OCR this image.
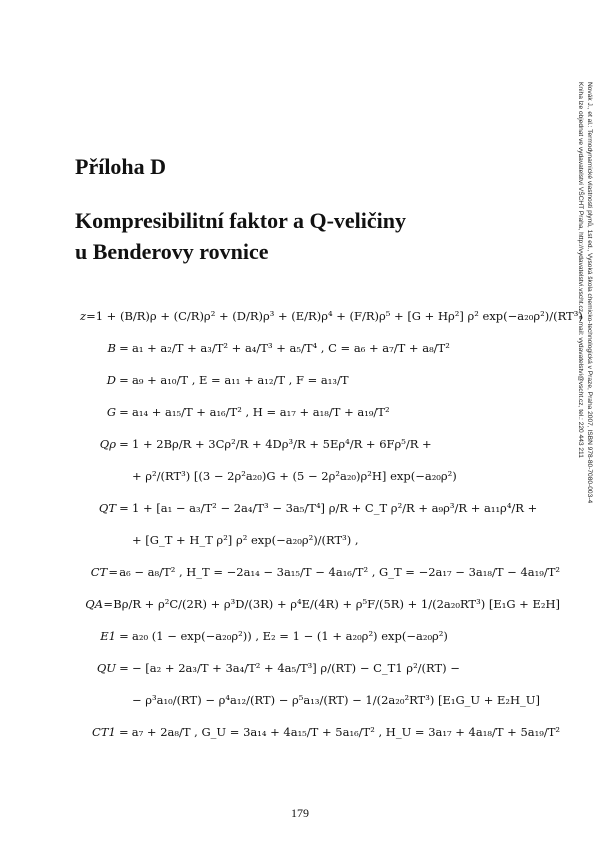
Příloha D
Kompresibilitní faktor a Q-veličiny
u Benderovy rovnice	Novák J., et al.: Termodynamické vlastnosti plynů, 1st ed., Vysoká škola chemicko-technologická v Praze, Praha 2007, ISBN 978-80-7080-003-4
Kniha lze objednat ve vydavatelství VŠCHT Praha, http://vydavatelstvi.vscht.cz, e-mail: vydavatelstvi@vscht.cz, tel.: 220 443 211
z = 1 + (B/R)ρ + (C/R)ρ² + (D/R)ρ³ + (E/R)ρ⁴ + (F/R)ρ⁵ + [G + Hρ²] ρ² exp(−a₂₀ρ²)/(RT³)
B = a₁ + a₂/T + a₃/T² + a₄/T³ + a₅/T⁴ , C = a₆ + a₇/T + a₈/T²
D = a₉ + a₁₀/T , E = a₁₁ + a₁₂/T , F = a₁₃/T
G = a₁₄ + a₁₅/T + a₁₆/T² , H = a₁₇ + a₁₈/T + a₁₉/T²
Qρ = 1 + 2Bρ/R + 3Cρ²/R + 4Dρ³/R + 5Eρ⁴/R + 6Fρ⁵/R +
+ ρ²/(RT³) [(3 − 2ρ²a₂₀)G + (5 − 2ρ²a₂₀)ρ²H] exp(−a₂₀ρ²)
QT = 1 + [a₁ − a₃/T² − 2a₄/T³ − 3a₅/T⁴] ρ/R + C_T ρ²/R + a₉ρ³/R + a₁₁ρ⁴/R +
+ [G_T + H_T ρ²] ρ² exp(−a₂₀ρ²)/(RT³) ,
CT = a₆ − a₈/T² , H_T = −2a₁₄ − 3a₁₅/T − 4a₁₆/T² , G_T = −2a₁₇ − 3a₁₈/T − 4a₁₉/T²
QA = Bρ/R + ρ²C/(2R) + ρ³D/(3R) + ρ⁴E/(4R) + ρ⁵F/(5R) + 1/(2a₂₀RT³) [E₁G + E₂H]
E1 = a₂₀ (1 − exp(−a₂₀ρ²)) , E₂ = 1 − (1 + a₂₀ρ²) exp(−a₂₀ρ²)
QU = − [a₂ + 2a₃/T + 3a₄/T² + 4a₅/T³] ρ/(RT) − C_T1 ρ²/(RT) −
− ρ³a₁₀/(RT) − ρ⁴a₁₂/(RT) − ρ⁵a₁₃/(RT) − 1/(2a₂₀²RT³) [E₁G_U + E₂H_U]
CT1 = a₇ + 2a₈/T , G_U = 3a₁₄ + 4a₁₅/T + 5a₁₆/T² , H_U = 3a₁₇ + 4a₁₈/T + 5a₁₉/T²
179
